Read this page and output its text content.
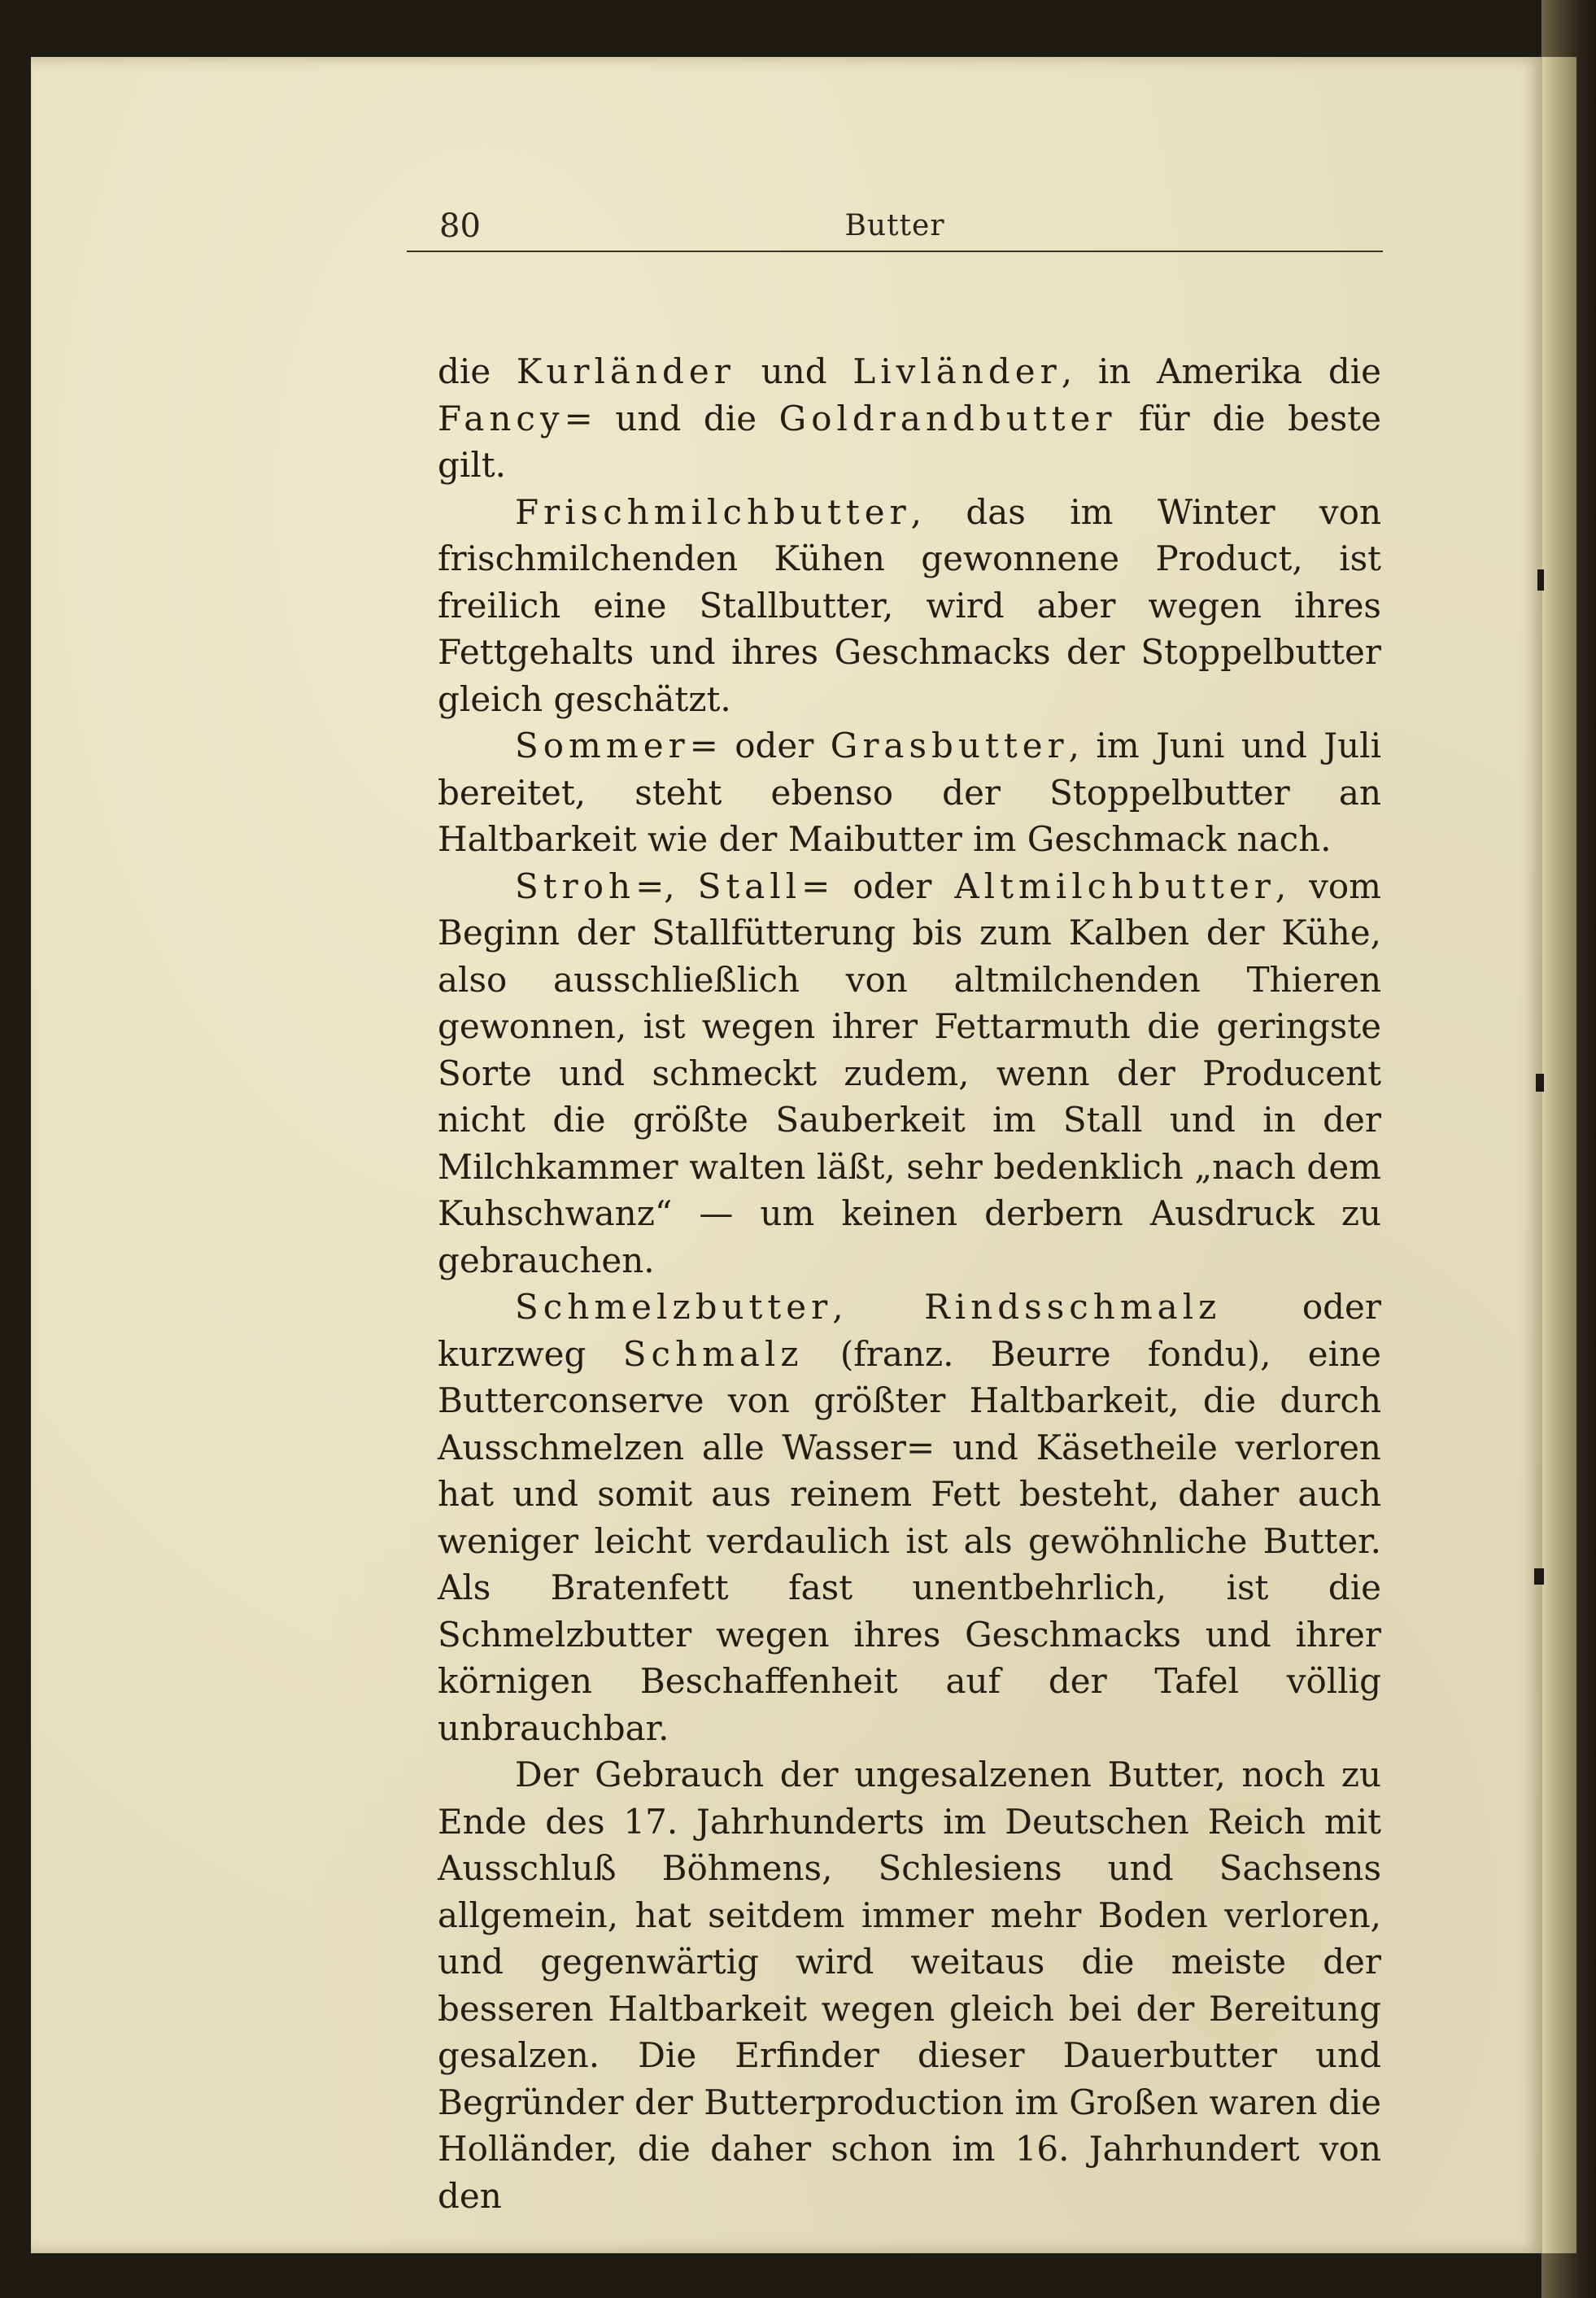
80	Butter

die Kurländer und Livländer, in Amerika die Fancy= und die Goldrandbutter für die beste gilt.

Frischmilchbutter, das im Winter von frischmilchenden Kühen gewonnene Product, ist freilich eine Stallbutter, wird aber wegen ihres Fettgehalts und ihres Geschmacks der Stoppelbutter gleich geschätzt.

Sommer= oder Grasbutter, im Juni und Juli bereitet, steht ebenso der Stoppelbutter an Haltbarkeit wie der Maibutter im Geschmack nach.

Stroh=, Stall= oder Altmilchbutter, vom Beginn der Stallfütterung bis zum Kalben der Kühe, also ausschließlich von altmilchenden Thieren gewonnen, ist wegen ihrer Fettarmuth die geringste Sorte und schmeckt zudem, wenn der Producent nicht die größte Sauberkeit im Stall und in der Milchkammer walten läßt, sehr bedenklich „nach dem Kuhschwanz“ — um keinen derbern Ausdruck zu gebrauchen.

Schmelzbutter, Rindsschmalz oder kurzweg Schmalz (franz. Beurre fondu), eine Butterconserve von größter Haltbarkeit, die durch Ausschmelzen alle Wasser= und Käsetheile verloren hat und somit aus reinem Fett besteht, daher auch weniger leicht verdaulich ist als gewöhnliche Butter. Als Bratenfett fast unentbehrlich, ist die Schmelzbutter wegen ihres Geschmacks und ihrer körnigen Beschaffenheit auf der Tafel völlig unbrauchbar.

Der Gebrauch der ungesalzenen Butter, noch zu Ende des 17. Jahrhunderts im Deutschen Reich mit Ausschluß Böhmens, Schlesiens und Sachsens allgemein, hat seitdem immer mehr Boden verloren, und gegenwärtig wird weitaus die meiste der besseren Haltbarkeit wegen gleich bei der Bereitung gesalzen. Die Erfinder dieser Dauerbutter und Begründer der Butterproduction im Großen waren die Holländer, die daher schon im 16. Jahrhundert von den
